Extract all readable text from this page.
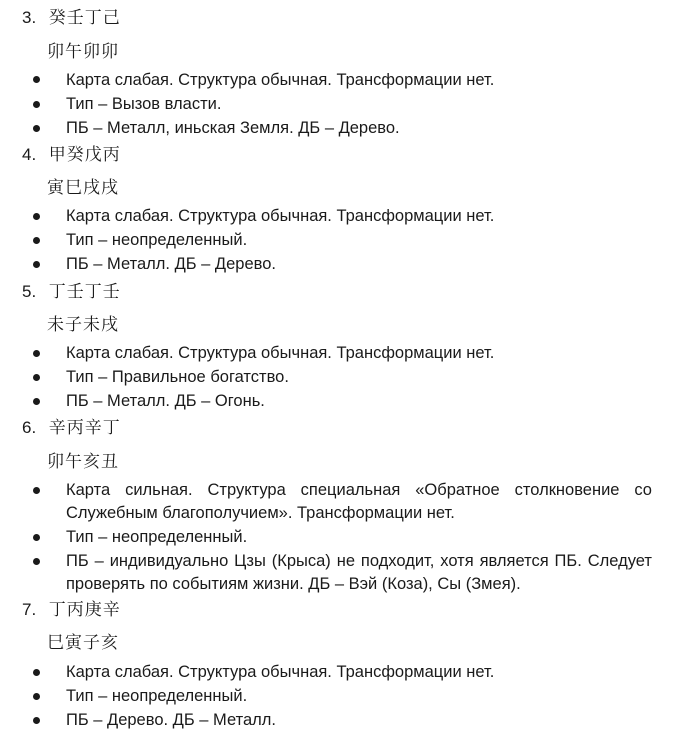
3. 癸壬丁己
卯午卯卯
Карта слабая. Структура обычная. Трансформации нет.
Тип – Вызов власти.
ПБ – Металл, иньская Земля. ДБ – Дерево.
4. 甲癸戊丙
寅巳戌戌
Карта слабая. Структура обычная. Трансформации нет.
Тип – неопределенный.
ПБ – Металл. ДБ – Дерево.
5. 丁壬丁壬
未子未戌
Карта слабая. Структура обычная. Трансформации нет.
Тип – Правильное богатство.
ПБ – Металл. ДБ – Огонь.
6. 辛丙辛丁
卯午亥丑
Карта сильная. Структура специальная «Обратное столкновение со Служебным благополучием». Трансформации нет.
Тип – неопределенный.
ПБ – индивидуально Цзы (Крыса) не подходит, хотя является ПБ. Следует проверять по событиям жизни. ДБ – Вэй (Коза), Сы (Змея).
7. 丁丙庚辛
巳寅子亥
Карта слабая. Структура обычная. Трансформации нет.
Тип – неопределенный.
ПБ – Дерево. ДБ – Металл.
